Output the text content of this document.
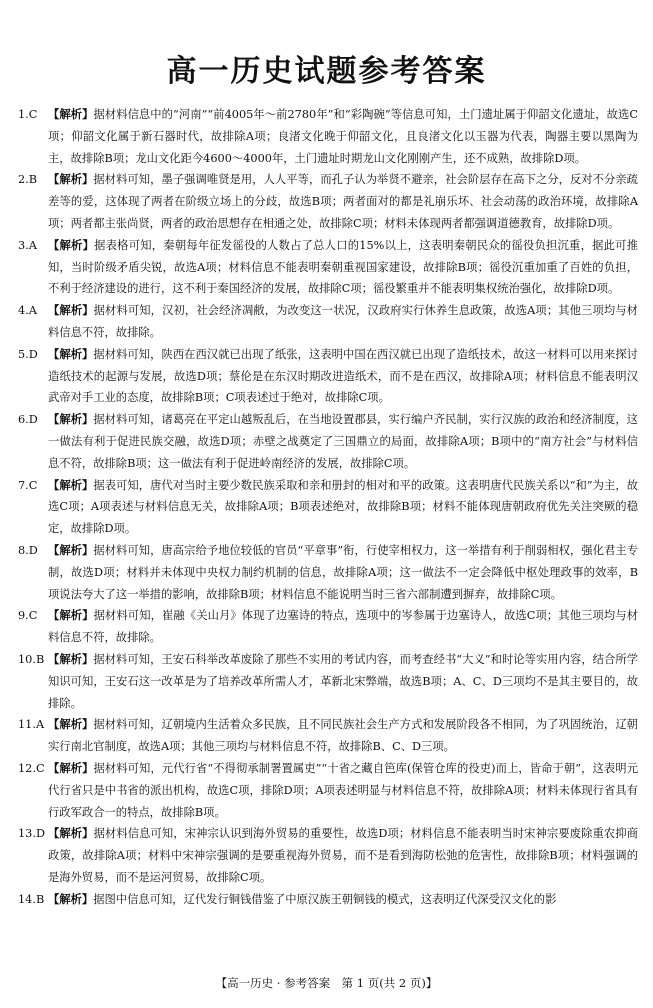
高一历史试题参考答案
1.C 【解析】据材料信息中的“河南”“前4005年～前2780年”和“彩陶碗”等信息可知，土门遗址属于仰韶文化遗址，故选C项；仰韶文化属于新石器时代，故排除A项；良渚文化晚于仰韶文化，且良渚文化以玉器为代表，陶器主要以黑陶为主，故排除B项；龙山文化距今4600～4000年，土门遗址时期龙山文化刚刚产生，还不成熟，故排除D项。
2.B 【解析】据材料可知，墨子强调唯贤是用，人人平等，而孔子认为举贤不避亲，社会阶层存在高下之分，反对不分亲疏差等的爱，这体现了两者在阶级立场上的分歧，故选B项；两者面对的都是礼崩乐坏、社会动荡的政治环境，故排除A项；两者都主张尚贤，两者的政治思想存在相通之处，故排除C项；材料未体现两者都强调道德教育，故排除D项。
3.A 【解析】据表格可知，秦朝每年征发徭役的人数占了总人口的15%以上，这表明秦朝民众的徭役负担沉重，据此可推知，当时阶级矛盾尖锐，故选A项；材料信息不能表明秦朝重视国家建设，故排除B项；徭役沉重加重了百姓的负担，不利于经济建设的进行，这不利于秦国经济的发展，故排除C项；徭役繁重并不能表明集权统治强化，故排除D项。
4.A 【解析】据材料可知，汉初，社会经济凋敝，为改变这一状况，汉政府实行休养生息政策，故选A项；其他三项均与材料信息不符，故排除。
5.D 【解析】据材料可知，陕西在西汉就已出现了纸张，这表明中国在西汉就已出现了造纸技术，故这一材料可以用来探讨造纸技术的起源与发展，故选D项；蔡伦是在东汉时期改进造纸术，而不是在西汉，故排除A项；材料信息不能表明汉武帝对手工业的态度，故排除B项；C项表述过于绝对，故排除C项。
6.D 【解析】据材料可知，诸葛亮在平定山越叛乱后，在当地设置郡县，实行编户齐民制，实行汉族的政治和经济制度，这一做法有利于促进民族交融，故选D项；赤壁之战奠定了三国鼎立的局面，故排除A项；B项中的“南方社会”与材料信息不符，故排除B项；这一做法有利于促进岭南经济的发展，故排除C项。
7.C 【解析】据表可知，唐代对当时主要少数民族采取和亲和册封的相对和平的政策。这表明唐代民族关系以“和”为主，故选C项；A项表述与材料信息无关，故排除A项；B项表述绝对，故排除B项；材料不能体现唐朝政府优先关注突厥的稳定，故排除D项。
8.D 【解析】据材料可知，唐高宗给予地位较低的官员“平章事”衔，行使宰相权力，这一举措有利于削弱相权，强化君主专制，故选D项；材料并未体现中央权力制约机制的信息，故排除A项；这一做法不一定会降低中枢处理政事的效率，B项说法夸大了这一举措的影响，故排除B项；材料信息不能说明当时三省六部制遭到摒弃，故排除C项。
9.C 【解析】据材料可知，崔融《关山月》体现了边塞诗的特点，选项中的岑参属于边塞诗人，故选C项；其他三项均与材料信息不符，故排除。
10.B 【解析】据材料可知，王安石科举改革废除了那些不实用的考试内容，而考查经书“大义”和时论等实用内容，结合所学知识可知，王安石这一改革是为了培养改革所需人才，革新北宋弊端，故选B项；A、C、D三项均不是其主要目的，故排除。
11.A 【解析】据材料可知，辽朝境内生活着众多民族，且不同民族社会生产方式和发展阶段各不相同，为了巩固统治，辽朝实行南北官制度，故选A项；其他三项均与材料信息不符，故排除B、C、D三项。
12.C 【解析】据材料可知，元代行省“不得彻承制署置属吏”“十省之藏自笆库(保管仓库的役吏)而上，皆命于朝”，这表明元代行省只是中书省的派出机构，故选C项，排除D项；A项表述明显与材料信息不符，故排除A项；材料未体现行省具有行政军政合一的特点，故排除B项。
13.D 【解析】据材料信息可知，宋神宗认识到海外贸易的重要性，故选D项；材料信息不能表明当时宋神宗要废除重农抑商政策，故排除A项；材料中宋神宗强调的是要重视海外贸易，而不是看到海防松弛的危害性，故排除B项；材料强调的是海外贸易，而不是运河贸易，故排除C项。
14.B 【解析】据图中信息可知，辽代发行铜钱借鉴了中原汉族王朝铜钱的模式，这表明辽代深受汉文化的影
【高一历史 · 参考答案　第 1 页(共 2 页)】
